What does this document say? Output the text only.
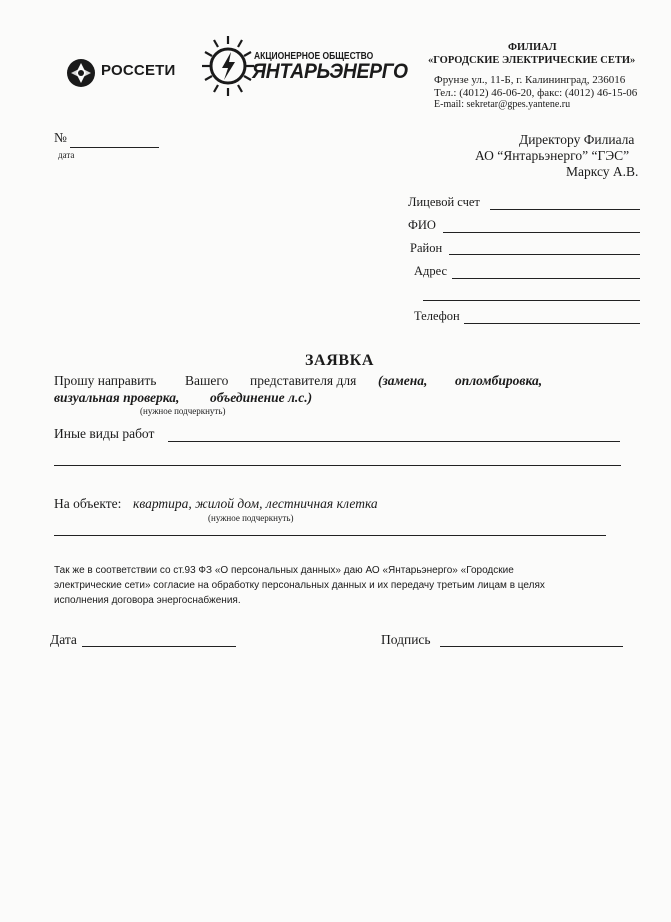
РОССЕТИ
АКЦИОНЕРНОЕ ОБЩЕСТВО
ЯНТАРЬЭНЕРГО
ФИЛИАЛ
«ГОРОДСКИЕ ЭЛЕКТРИЧЕСКИЕ СЕТИ»
Фрунзе ул., 11-Б, г. Калининград, 236016
Тел.: (4012) 46-06-20, факс: (4012) 46-15-06
E-mail: sekretar@gpes.yantene.ru
№
дата
Директору Филиала
АО “Янтарьэнерго” “ГЭС”
Марксу А.В.
Лицевой счет
ФИО
Район
Адрес
Телефон
ЗАЯВКА
Прошу направить Вашего представителя для (замена, опломбировка,
визуальная проверка, объединение л.с.)
(нужное подчеркнуть)
Иные виды работ
На объекте: квартира, жилой дом, лестничная клетка
(нужное подчеркнуть)
Так же в соответствии со ст.93 ФЗ «О персональных данных» даю АО «Янтарьэнерго» «Городские
электрические сети» согласие на обработку персональных данных и их передачу третьим лицам в целях
исполнения договора энергоснабжения.
Дата	Подпись
